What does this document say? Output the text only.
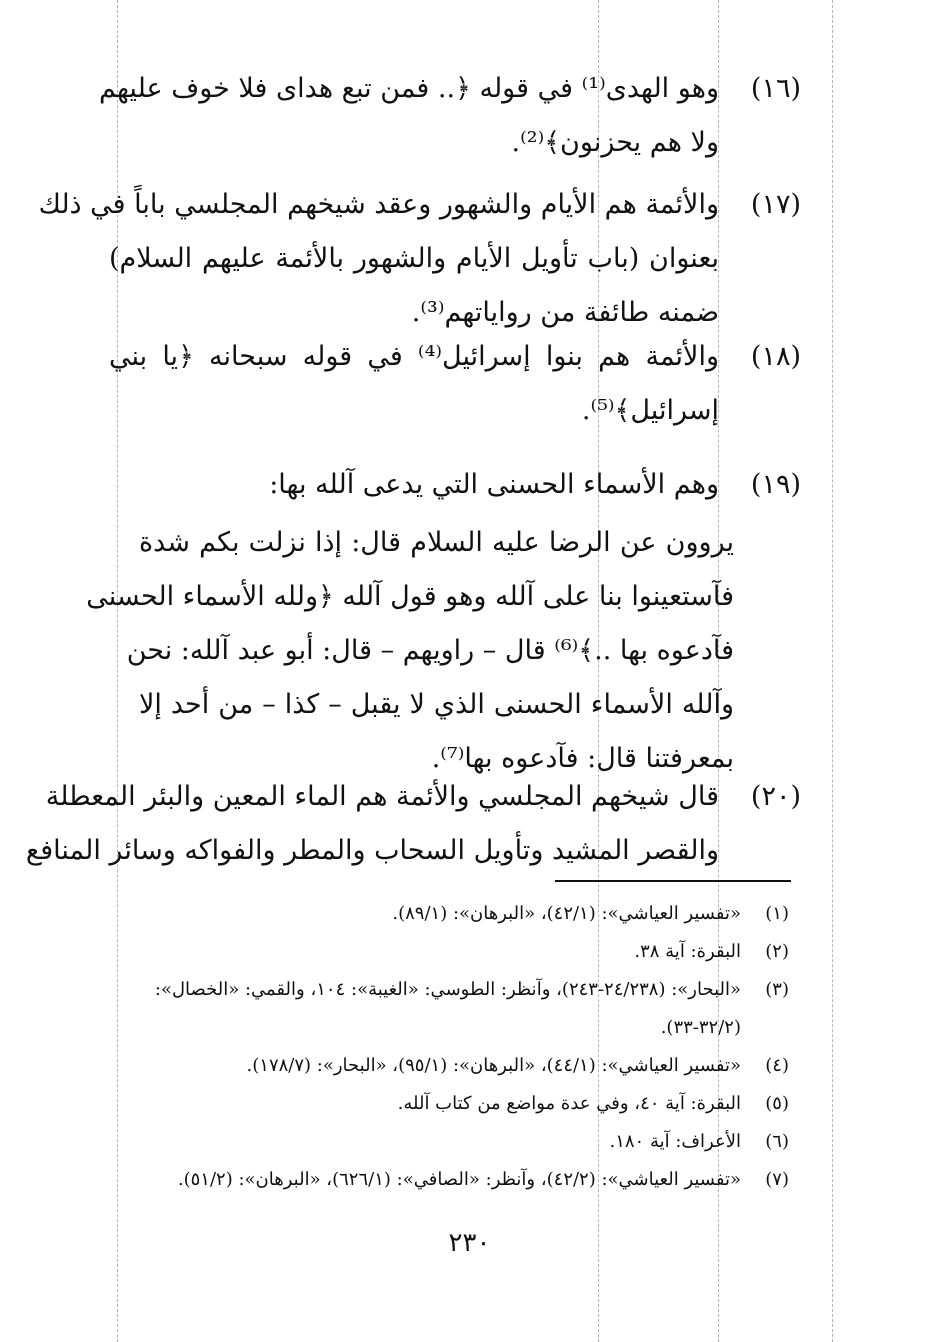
(١٦)
وهو الهدى⁽¹⁾ في قوله ﴿.. فمن تبع هداى فلا خوف عليهم
ولا هم يحزنون﴾⁽²⁾.
(١٧)
والأئمة هم الأيام والشهور وعقد شيخهم المجلسي باباً في ذلك
بعنوان (باب تأويل الأيام والشهور بالأئمة عليهم السلام)
ضمنه طائفة من رواياتهم⁽³⁾.
(١٨)
والأئمة هم بنوا إسرائيل⁽⁴⁾ في قوله سبحانه ﴿يا بني
إسرائيل﴾⁽⁵⁾.
(١٩)
وهم الأسماء الحسنى التي يدعى آلله بها:
يروون عن الرضا عليه السلام قال: إذا نزلت بكم شدة
فآستعينوا بنا على آلله وهو قول آلله ﴿ولله الأسماء الحسنى
فآدعوه بها ..﴾⁽⁶⁾ قال – راويهم – قال: أبو عبد آلله: نحن
وآلله الأسماء الحسنى الذي لا يقبل – كذا – من أحد إلا
بمعرفتنا قال: فآدعوه بها⁽⁷⁾.
(٢٠)
قال شيخهم المجلسي والأئمة هم الماء المعين والبئر المعطلة
والقصر المشيد وتأويل السحاب والمطر والفواكه وسائر المنافع
(١)
«تفسير العياشي»: (٤٢/١)، «البرهان»: (٨٩/١).
(٢)
البقرة: آية ٣٨.
(٣)
«البحار»: (٢٤/٢٣٨-٢٤٣)، وآنظر: الطوسي: «الغيبة»: ١٠٤، والقمي: «الخصال»: (٣٢/٢-٣٣).
(٤)
«تفسير العياشي»: (٤٤/١)، «البرهان»: (٩٥/١)، «البحار»: (١٧٨/٧).
(٥)
البقرة: آية ٤٠، وفي عدة مواضع من كتاب آلله.
(٦)
الأعراف: آية ١٨٠.
(٧)
«تفسير العياشي»: (٤٢/٢)، وآنظر: «الصافي»: (٦٢٦/١)، «البرهان»: (٥١/٢).
٢٣٠
